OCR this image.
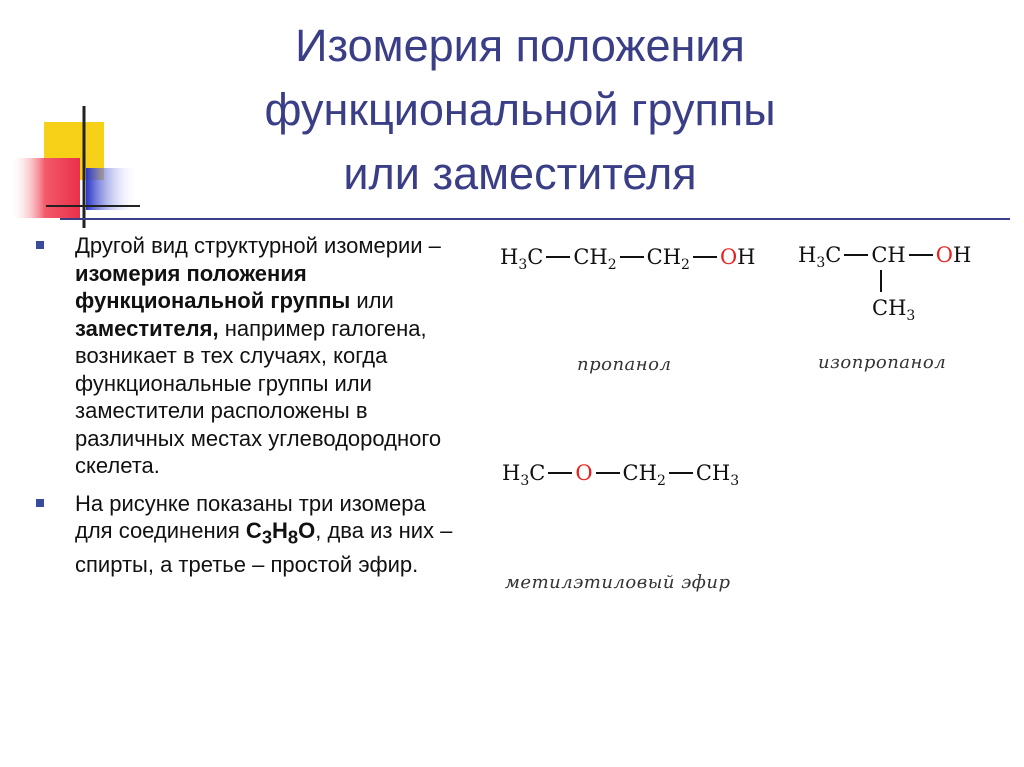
Изомерия положения
функциональной группы
или заместителя
Другой вид структурной изомерии – изомерия положения функциональной группы или заместителя, например галогена, возникает в тех случаях, когда функциональные группы или заместители расположены в различных местах углеводородного скелета.
На рисунке показаны три изомера для соединения $C_3H_8O$, два из них – спирты, а третье – простой эфир.
$H_3C$ $CH_2$ $CH_2$ OH
пропанол
$H_3C$ CH OH
$CH_3$
изопропанол
$H_3C$ O $CH_2$ $CH_3$
метилэтиловый эфир
